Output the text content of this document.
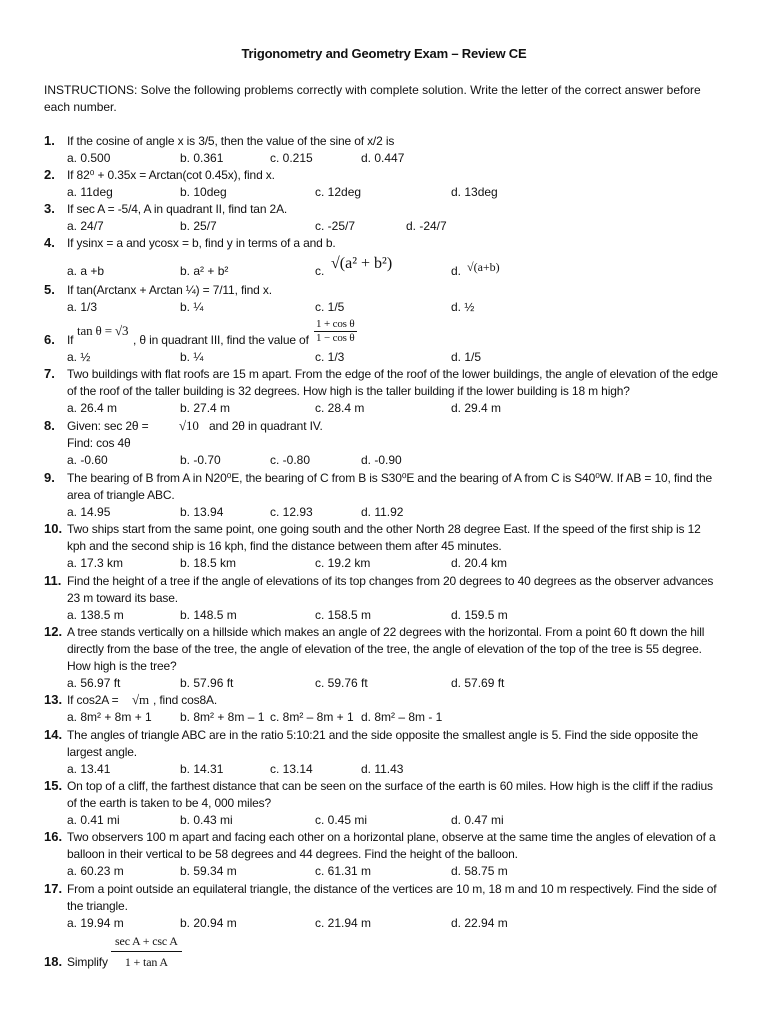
Trigonometry and Geometry Exam – Review CE
INSTRUCTIONS: Solve the following problems correctly with complete solution. Write the letter of the correct answer before each number.
1. If the cosine of angle x is 3/5, then the value of the sine of x/2 is
a. 0.500	b. 0.361	c. 0.215	d. 0.447
2. If 82⁰ + 0.35x = Arctan(cot 0.45x), find x.
a. 11deg	b. 10deg	c. 12deg	d. 13deg
3. If sec A = -5/4, A in quadrant II, find tan 2A.
a. 24/7	b. 25/7	c. -25/7	d. -24/7
4. If ysinx = a and ycosx = b, find y in terms of a and b.
a. a +b	b. a² + b²	c. √(a² + b²)	d. √(a+b)
5. If tan(Arctanx + Arctan ¼) = 7/11, find x.
a. 1/3	b. ¼	c. 1/5	d. ½
6. If
tan θ = √3
, θ in quadrant III, find the value of $\frac{\text{1 + cos θ}}{\text{1 − cos θ}}$
a. ½	b. ¼	c. 1/3	d. 1/5
7. Two buildings with flat roofs are 15 m apart. From the edge of the roof of the lower buildings, the angle of elevation of the edge of the roof of the taller building is 32 degrees. How high is the taller building if the lower building is 18 m high?
a. 26.4 m	b. 27.4 m	c. 28.4 m	d. 29.4 m
8. Given: sec 2θ = √10 and 2θ in quadrant IV.
Find: cos 4θ
a. -0.60	b. -0.70	c. -0.80	d. -0.90
9. The bearing of B from A in N20⁰E, the bearing of C from B is S30⁰E and the bearing of A from C is S40⁰W. If AB = 10, find the area of triangle ABC.
a. 14.95	b. 13.94	c. 12.93	d. 11.92
10. Two ships start from the same point, one going south and the other North 28 degree East. If the speed of the first ship is 12 kph and the second ship is 16 kph, find the distance between them after 45 minutes.
a. 17.3 km	b. 18.5 km	c. 19.2 km	d. 20.4 km
11. Find the height of a tree if the angle of elevations of its top changes from 20 degrees to 40 degrees as the observer advances 23 m toward its base.
a. 138.5 m	b. 148.5 m	c. 158.5 m	d. 159.5 m
12. A tree stands vertically on a hillside which makes an angle of 22 degrees with the horizontal. From a point 60 ft down the hill directly from the base of the tree, the angle of elevation of the tree, the angle of elevation of the top of the tree is 55 degree. How high is the tree?
a. 56.97 ft	b. 57.96 ft	c. 59.76 ft	d. 57.69 ft
13. If cos2A = √m , find cos8A.
a. 8m² + 8m + 1 b. 8m² + 8m – 1 c. 8m² – 8m + 1 d. 8m² – 8m - 1
14. The angles of triangle ABC are in the ratio 5:10:21 and the side opposite the smallest angle is 5. Find the side opposite the largest angle.
a. 13.41	b. 14.31	c. 13.14	d. 11.43
15. On top of a cliff, the farthest distance that can be seen on the surface of the earth is 60 miles. How high is the cliff if the radius of the earth is taken to be 4, 000 miles?
a. 0.41 mi	b. 0.43 mi	c. 0.45 mi	d. 0.47 mi
16. Two observers 100 m apart and facing each other on a horizontal plane, observe at the same time the angles of elevation of a balloon in their vertical to be 58 degrees and 44 degrees. Find the height of the balloon.
a. 60.23 m	b. 59.34 m	c. 61.31 m	d. 58.75 m
17. From a point outside an equilateral triangle, the distance of the vertices are 10 m, 18 m and 10 m respectively. Find the side of the triangle.
a. 19.94 m	b. 20.94 m	c. 21.94 m	d. 22.94 m
18. Simplify
sec A + csc A
1 + tan A
